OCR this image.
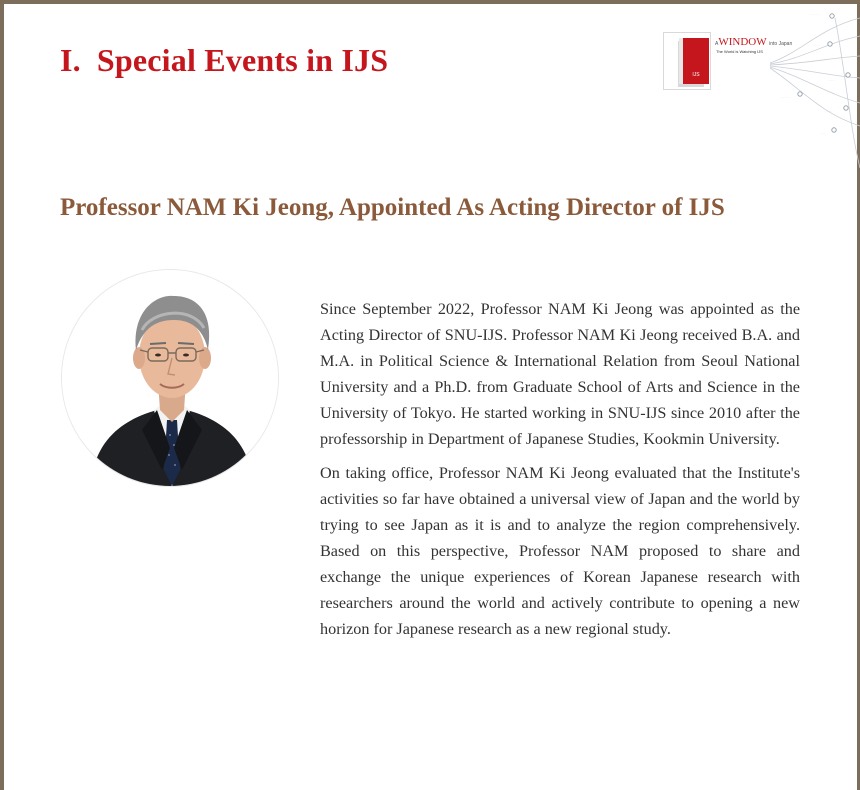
I. Special Events in IJS
···········
········
·······
··········
·········
······
IJS
AWINDOW into Japan
The World is Watching IJS
Professor NAM Ki Jeong, Appointed As Acting Director of IJS

Since September 2022, Professor NAM Ki Jeong was appointed as the Acting Director of SNU-IJS. Professor NAM Ki Jeong received B.A. and M.A. in Political Science & International Relation from Seoul National University and a Ph.D. from Graduate School of Arts and Science in the University of Tokyo. He started working in SNU-IJS since 2010 after the professorship in Department of Japanese Studies, Kookmin University.

On taking office, Professor NAM Ki Jeong evaluated that the Institute's activities so far have obtained a universal view of Japan and the world by trying to see Japan as it is and to analyze the region comprehensively. Based on this perspective, Professor NAM proposed to share and exchange the unique experiences of Korean Japanese research with researchers around the world and actively contribute to opening a new horizon for Japanese research as a new regional study.
